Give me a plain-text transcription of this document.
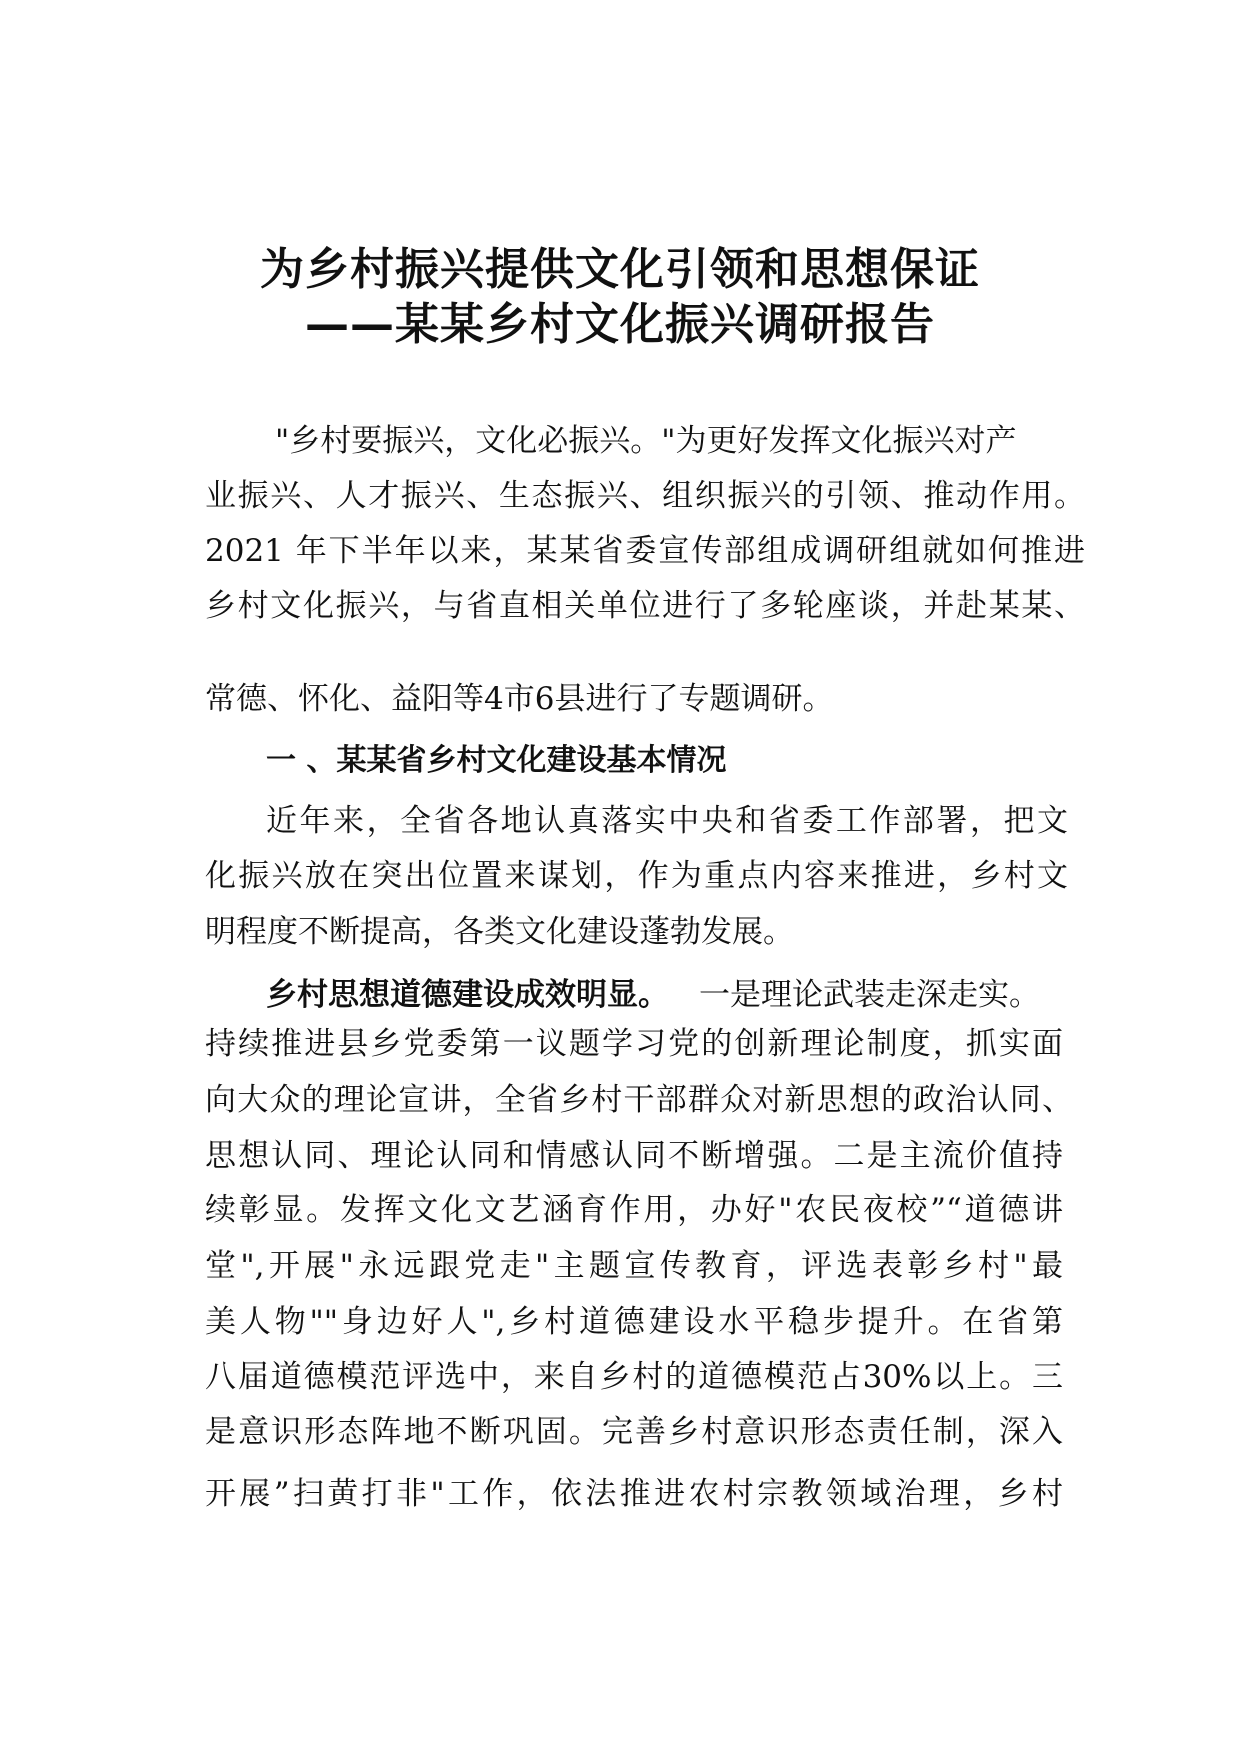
为乡村振兴提供文化引领和思想保证
——某某乡村文化振兴调研报告
"乡村要振兴，文化必振兴。"为更好发挥文化振兴对产
业振兴、人才振兴、生态振兴、组织振兴的引领、推动作用。
2021 年下半年以来，某某省委宣传部组成调研组就如何推进
乡村文化振兴，与省直相关单位进行了多轮座谈，并赴某某、
常德、怀化、益阳等4市6县进行了专题调研。
一 、某某省乡村文化建设基本情况
近年来，全省各地认真落实中央和省委工作部署，把文
化振兴放在突出位置来谋划，作为重点内容来推进，乡村文
明程度不断提高，各类文化建设蓬勃发展。
乡村思想道德建设成效明显。 一是理论武装走深走实。
持续推进县乡党委第一议题学习党的创新理论制度，抓实面
向大众的理论宣讲，全省乡村干部群众对新思想的政治认同、
思想认同、理论认同和情感认同不断增强。二是主流价值持
续彰显。发挥文化文艺涵育作用，办好"农民夜校”“道德讲
堂",开展"永远跟党走"主题宣传教育，评选表彰乡村"最
美人物""身边好人",乡村道德建设水平稳步提升。在省第
八届道德模范评选中，来自乡村的道德模范占30%以上。三
是意识形态阵地不断巩固。完善乡村意识形态责任制，深入
开展”扫黄打非"工作，依法推进农村宗教领域治理，乡村
